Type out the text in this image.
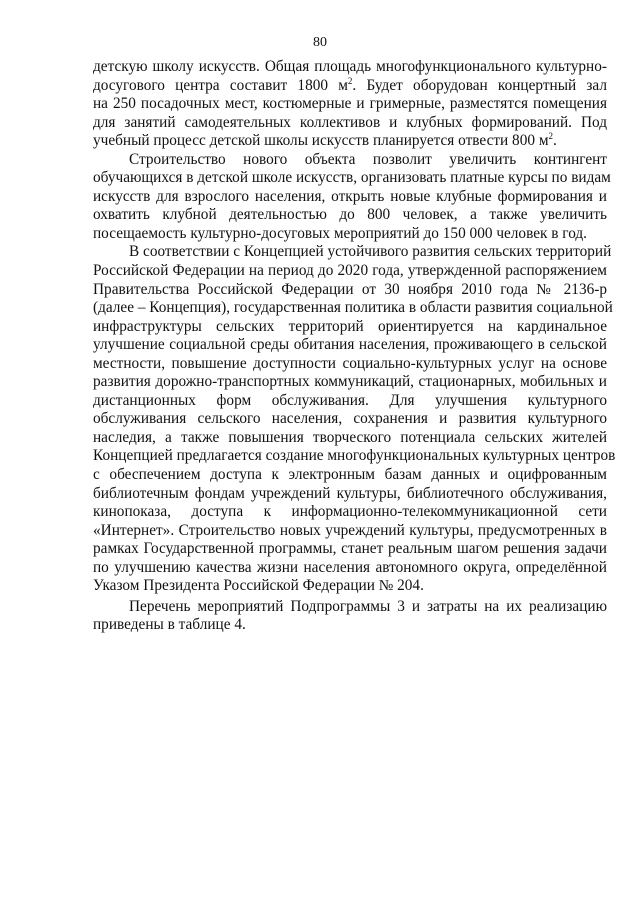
80

детскую школу искусств. Общая площадь многофункционального культурно-
досугового центра составит 1800 $м^2$. Будет оборудован концертный зал
на 250 посадочных мест, костюмерные и гримерные, разместятся помещения
для занятий самодеятельных коллективов и клубных формирований. Под
учебный процесс детской школы искусств планируется отвести 800 $м^2$.

Строительство нового объекта позволит увеличить контингент
обучающихся в детской школе искусств, организовать платные курсы по видам
искусств для взрослого населения, открыть новые клубные формирования и
охватить клубной деятельностью до 800 человек, а также увеличить
посещаемость культурно-досуговых мероприятий до 150 000 человек в год.

В соответствии с Концепцией устойчивого развития сельских территорий
Российской Федерации на период до 2020 года, утвержденной распоряжением
Правительства Российской Федерации от 30 ноября 2010 года № 2136-р
(далее – Концепция), государственная политика в области развития социальной
инфраструктуры сельских территорий ориентируется на кардинальное
улучшение социальной среды обитания населения, проживающего в сельской
местности, повышение доступности социально-культурных услуг на основе
развития дорожно-транспортных коммуникаций, стационарных, мобильных и
дистанционных форм обслуживания. Для улучшения культурного
обслуживания сельского населения, сохранения и развития культурного
наследия, а также повышения творческого потенциала сельских жителей
Концепцией предлагается создание многофункциональных культурных центров
с обеспечением доступа к электронным базам данных и оцифрованным
библиотечным фондам учреждений культуры, библиотечного обслуживания,
кинопоказа, доступа к информационно-телекоммуникационной сети
«Интернет». Строительство новых учреждений культуры, предусмотренных в
рамках Государственной программы, станет реальным шагом решения задачи
по улучшению качества жизни населения автономного округа, определённой
Указом Президента Российской Федерации № 204.

Перечень мероприятий Подпрограммы 3 и затраты на их реализацию
приведены в таблице 4.
